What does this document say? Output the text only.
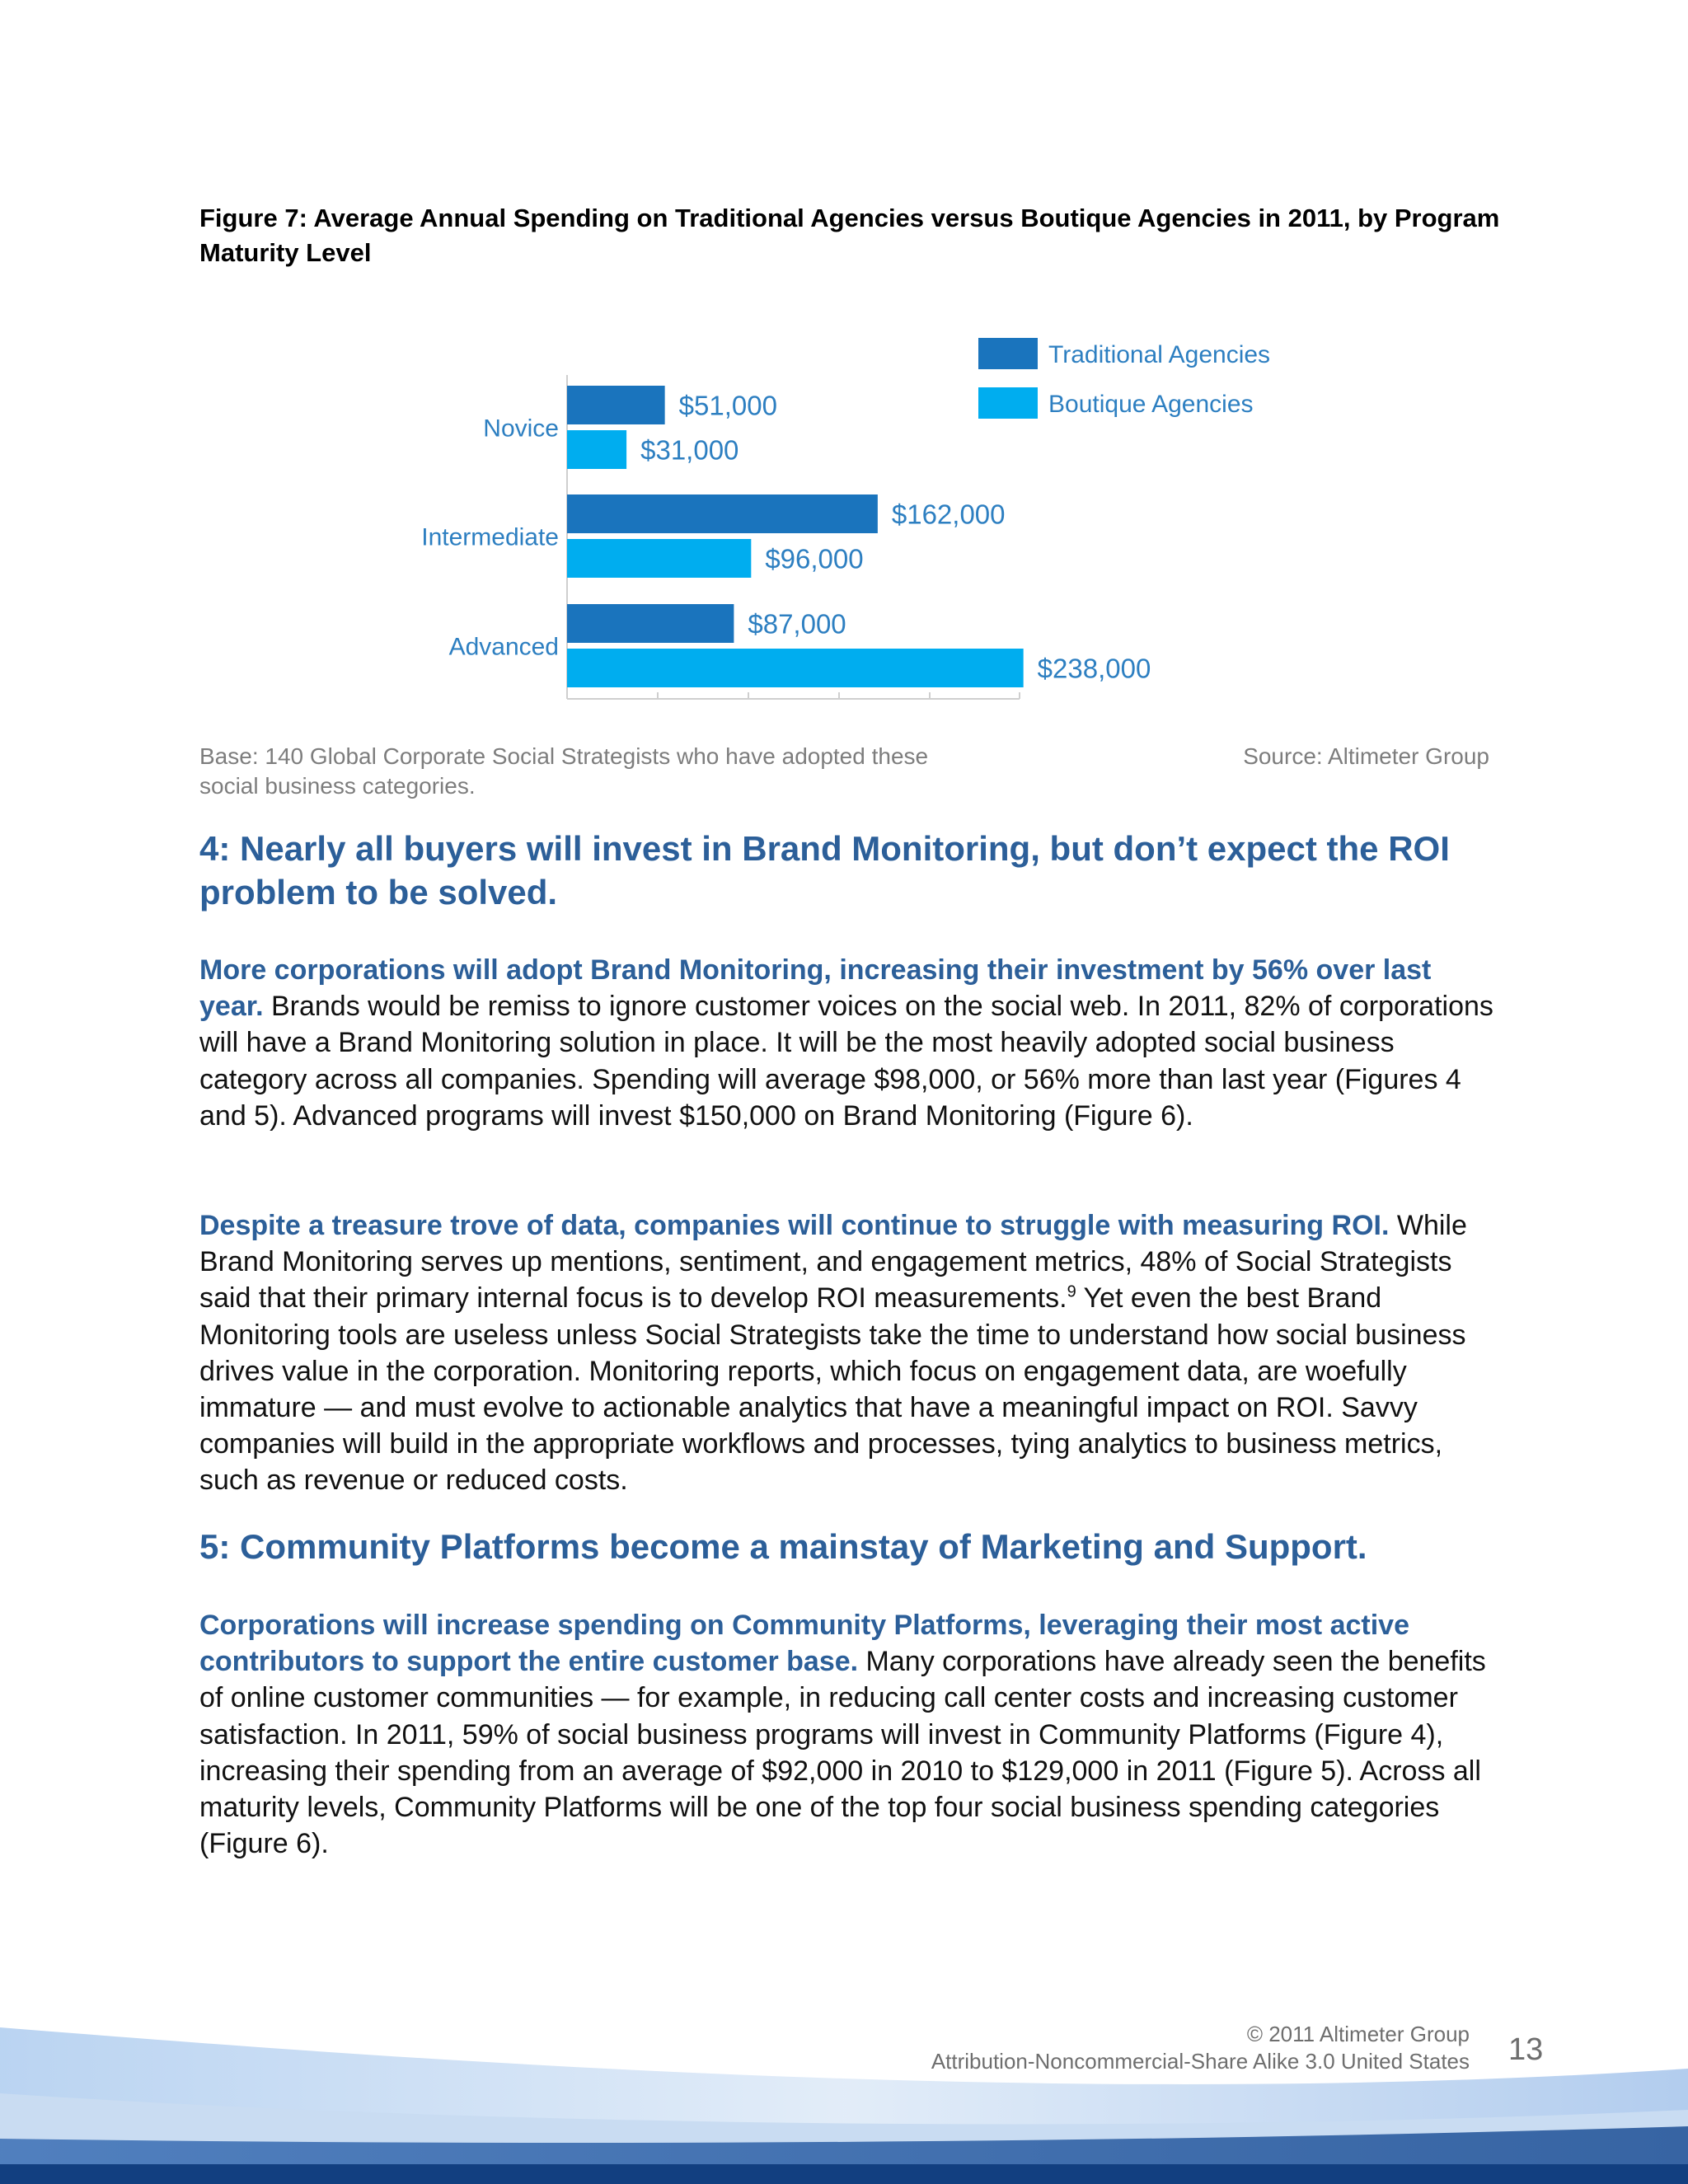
Figure 7: Average Annual Spending on Traditional Agencies versus Boutique Agencies in 2011, by Program Maturity Level
Novice
$51,000
$31,000
Intermediate
$162,000
$96,000
Advanced
$87,000
$238,000
Traditional Agencies
Boutique Agencies
Base: 140 Global Corporate Social Strategists who have adopted these social business categories.
Source: Altimeter Group
4: Nearly all buyers will invest in Brand Monitoring, but don’t expect the ROI problem to be solved.
More corporations will adopt Brand Monitoring, increasing their investment by 56% over last year. Brands would be remiss to ignore customer voices on the social web. In 2011, 82% of corporations will have a Brand Monitoring solution in place. It will be the most heavily adopted social business category across all companies. Spending will average $98,000, or 56% more than last year (Figures 4 and 5). Advanced programs will invest $150,000 on Brand Monitoring (Figure 6).
Despite a treasure trove of data, companies will continue to struggle with measuring ROI. While Brand Monitoring serves up mentions, sentiment, and engagement metrics, 48% of Social Strategists said that their primary internal focus is to develop ROI measurements.$^9$ Yet even the best Brand Monitoring tools are useless unless Social Strategists take the time to understand how social business drives value in the corporation. Monitoring reports, which focus on engagement data, are woefully immature — and must evolve to actionable analytics that have a meaningful impact on ROI. Savvy companies will build in the appropriate workflows and processes, tying analytics to business metrics, such as revenue or reduced costs.
5: Community Platforms become a mainstay of Marketing and Support.
Corporations will increase spending on Community Platforms, leveraging their most active contributors to support the entire customer base. Many corporations have already seen the benefits of online customer communities — for example, in reducing call center costs and increasing customer satisfaction. In 2011, 59% of social business programs will invest in Community Platforms (Figure 4), increasing their spending from an average of $92,000 in 2010 to $129,000 in 2011 (Figure 5). Across all maturity levels, Community Platforms will be one of the top four social business spending categories (Figure 6).
© 2011 Altimeter Group
Attribution-Noncommercial-Share Alike 3.0 United States 13
